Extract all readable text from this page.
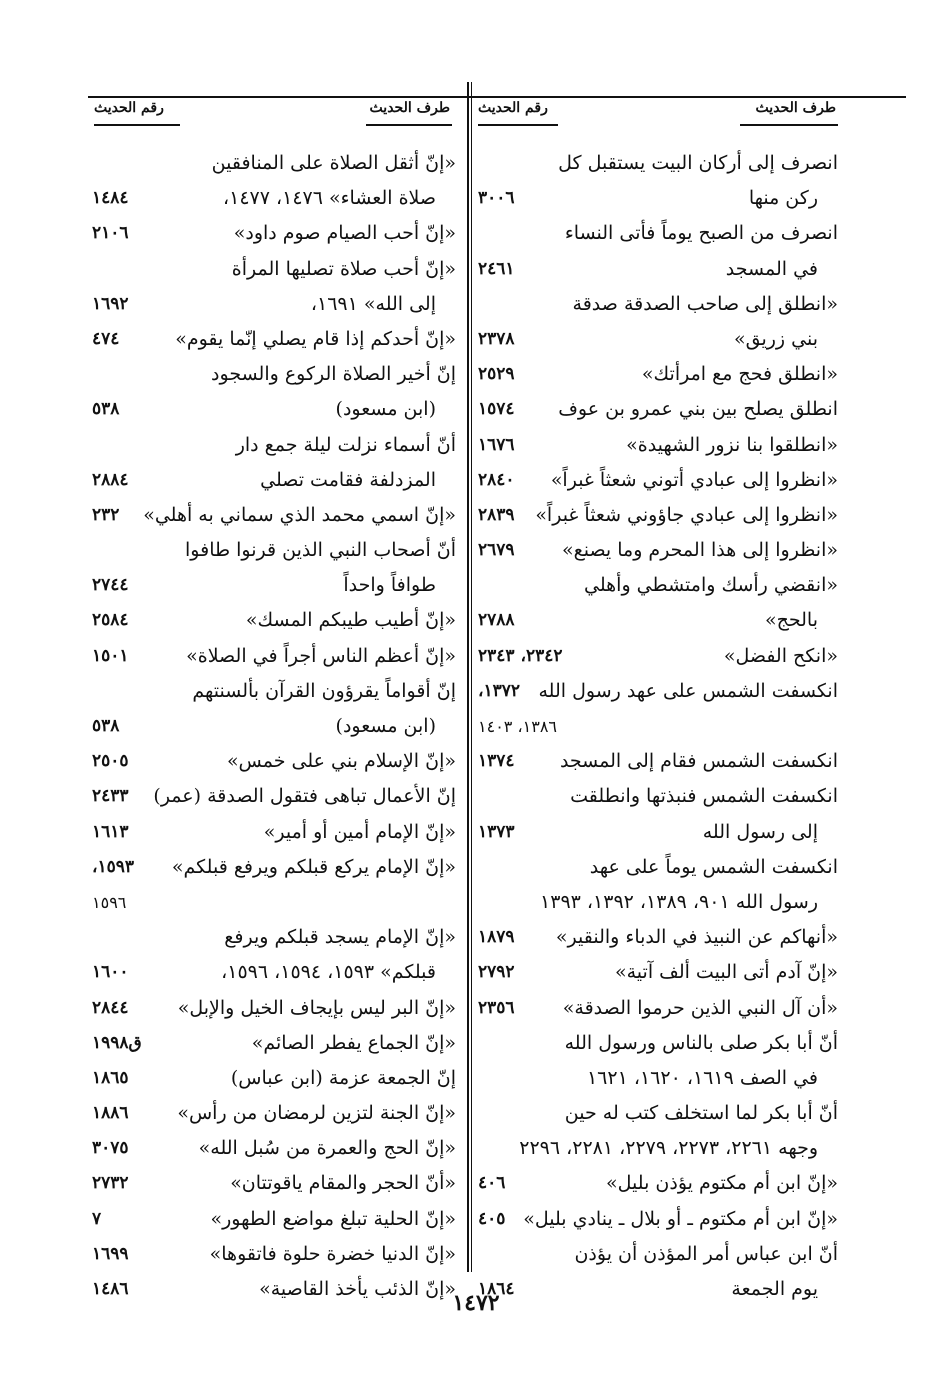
طرف الحديث
رقم الحديث
طرف الحديث
رقم الحديث
انصرف إلى أركان البيت يستقبل كل
ركن منها
٣٠٠٦
انصرف من الصبح يوماً فأتى النساء
في المسجد
٢٤٦١
«انطلق إلى صاحب الصدقة صدقة
بني زريق»
٢٣٧٨
«انطلق فحج مع امرأتك»
٢٥٢٩
انطلق يصلح بين بني عمرو بن عوف
١٥٧٤
«انطلقوا بنا نزور الشهيدة»
١٦٧٦
«انظروا إلى عبادي أتوني شعثاً غبراً»
٢٨٤٠
«انظروا إلى عبادي جاؤوني شعثاً غبراً»
٢٨٣٩
«انظروا إلى هذا المحرم وما يصنع»
٢٦٧٩
«انقضي رأسك وامتشطي وأهلي
بالحج»
٢٧٨٨
«انكح الفضل»
٢٣٤٢، ٢٣٤٣
انكسفت الشمس على عهد رسول الله
١٣٧٢،
١٣٨٦، ١٤٠٣
انكسفت الشمس فقام إلى المسجد
١٣٧٤
انكسفت الشمس فنبذتها وانطلقت
إلى رسول الله
١٣٧٣
انكسفت الشمس يوماً على عهد
رسول الله ٩٠١، ١٣٨٩، ١٣٩٢، ١٣٩٣
«أنهاكم عن النبيذ في الدباء والنقير»
١٨٧٩
«إنّ آدم أتى البيت ألف آتية»
٢٧٩٢
«أن آل النبي الذين حرموا الصدقة»
٢٣٥٦
أنّ أبا بكر صلى بالناس ورسول الله
في الصف ١٦١٩، ١٦٢٠، ١٦٢١
أنّ أبا بكر لما استخلف كتب له حين
وجهه ٢٢٦١، ٢٢٧٣، ٢٢٧٩، ٢٢٨١، ٢٢٩٦
«إنّ ابن أم مكتوم يؤذن بليل»
٤٠٦
«إنّ ابن أم مكتوم ـ أو بلال ـ ينادي بليل»
٤٠٥
أنّ ابن عباس أمر المؤذن أن يؤذن
يوم الجمعة
١٨٦٤
«إنّ أثقل الصلاة على المنافقين
صلاة العشاء» ١٤٧٦، ١٤٧٧،
١٤٨٤
«إنّ أحب الصيام صوم داود»
٢١٠٦
«إنّ أحب صلاة تصليها المرأة
إلى الله» ١٦٩١،
١٦٩٢
«إنّ أحدكم إذا قام يصلي إنّما يقوم»
٤٧٤
إنّ أخير الصلاة الركوع والسجود
(ابن مسعود)
٥٣٨
أنّ أسماء نزلت ليلة جمع دار
المزدلفة فقامت تصلي
٢٨٨٤
«إنّ اسمي محمد الذي سماني به أهلي»
٢٣٢
أنّ أصحاب النبي الذين قرنوا طافوا
طوافاً واحداً
٢٧٤٤
«إنّ أطيب طيبكم المسك»
٢٥٨٤
«إنّ أعظم الناس أجراً في الصلاة»
١٥٠١
إنّ أقواماً يقرؤون القرآن بألسنتهم
(ابن مسعود)
٥٣٨
«إنّ الإسلام بني على خمس»
٢٥٠٥
إنّ الأعمال تباهى فتقول الصدقة (عمر)
٢٤٣٣
«إنّ الإمام أمين أو أمير»
١٦١٣
«إنّ الإمام يركع قبلكم ويرفع قبلكم»
١٥٩٣،
١٥٩٦
«إنّ الإمام يسجد قبلكم ويرفع
قبلكم» ١٥٩٣، ١٥٩٤، ١٥٩٦،
١٦٠٠
«إنّ البر ليس بإيجاف الخيل والإبل»
٢٨٤٤
«إنّ الجماع يفطر الصائم»
ق١٩٩٨
إنّ الجمعة عزمة (ابن عباس)
١٨٦٥
«إنّ الجنة لتزين لرمضان من رأس»
١٨٨٦
«إنّ الحج والعمرة من سُبل الله»
٣٠٧٥
«أنّ الحجر والمقام ياقوتتان»
٢٧٣٢
«إنّ الحلية تبلغ مواضع الطهور»
٧
«إنّ الدنيا خضرة حلوة فاتقوها»
١٦٩٩
«إنّ الذئب يأخذ القاصية»
١٤٨٦
١٤٧٢
